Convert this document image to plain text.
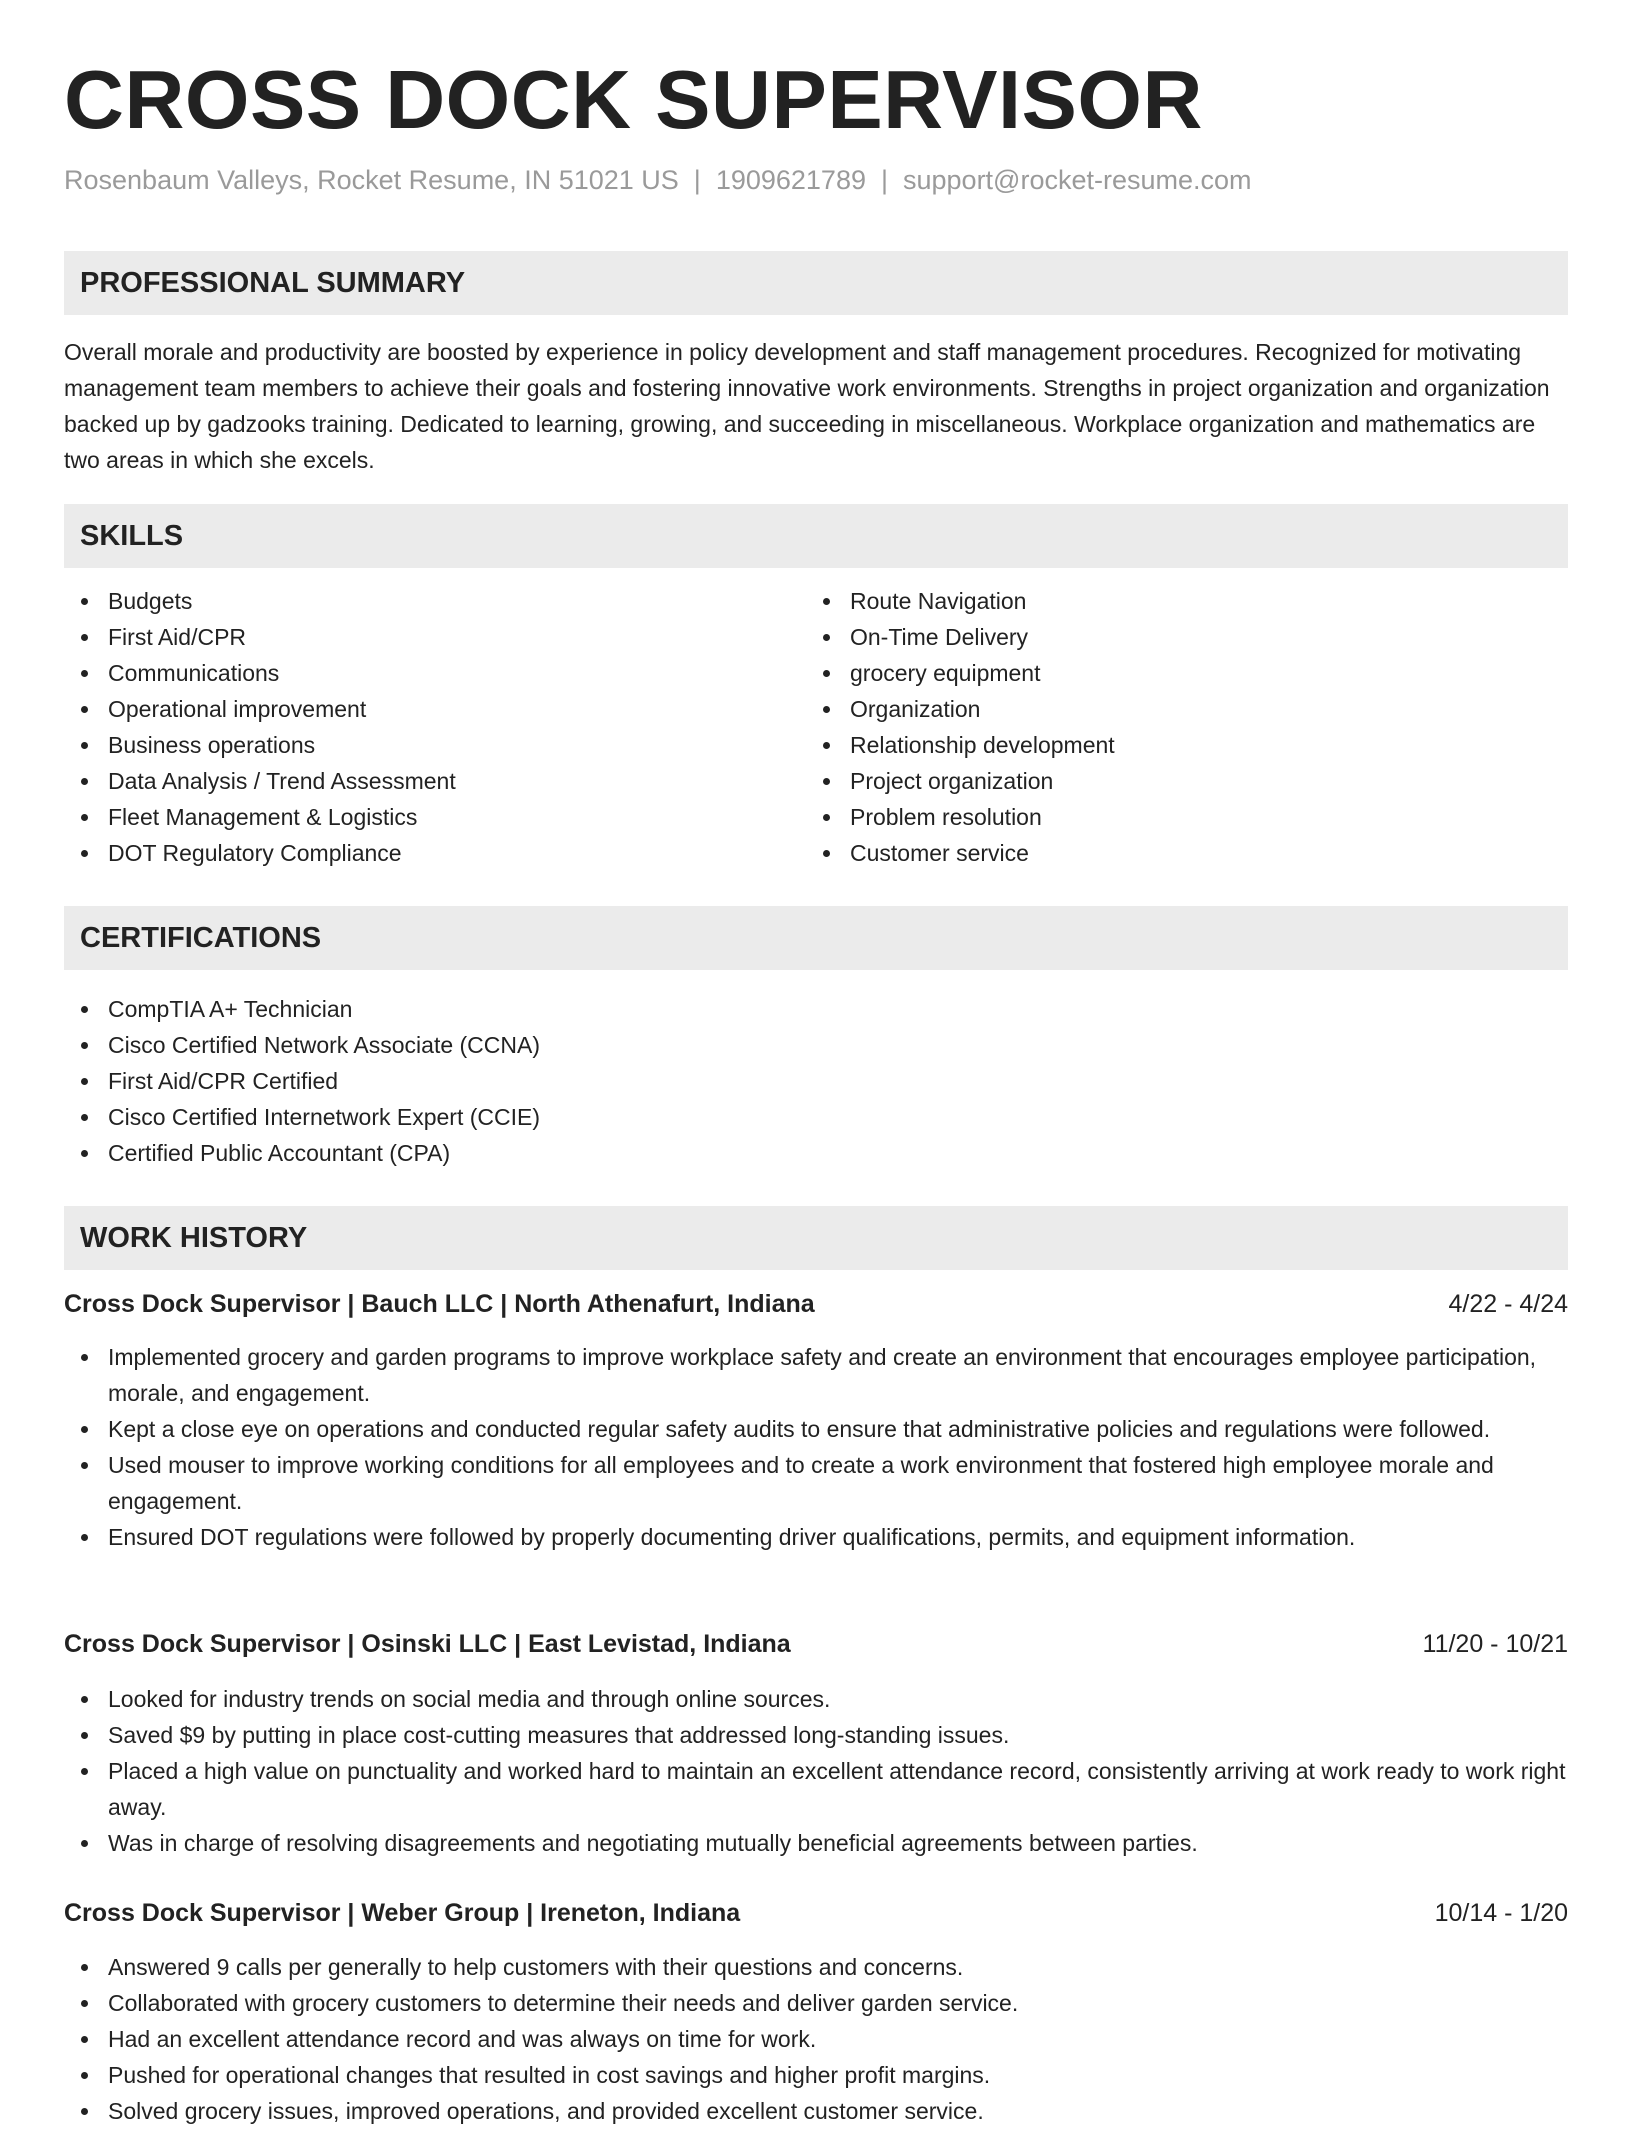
CROSS DOCK SUPERVISOR
Rosenbaum Valleys, Rocket Resume, IN 51021 US | 1909621789 | support@rocket-resume.com
PROFESSIONAL SUMMARY
Overall morale and productivity are boosted by experience in policy development and staff management procedures. Recognized for motivating management team members to achieve their goals and fostering innovative work environments. Strengths in project organization and organization backed up by gadzooks training. Dedicated to learning, growing, and succeeding in miscellaneous. Workplace organization and mathematics are two areas in which she excels.
SKILLS
Budgets
First Aid/CPR
Communications
Operational improvement
Business operations
Data Analysis / Trend Assessment
Fleet Management & Logistics
DOT Regulatory Compliance
Route Navigation
On-Time Delivery
grocery equipment
Organization
Relationship development
Project organization
Problem resolution
Customer service
CERTIFICATIONS
CompTIA A+ Technician
Cisco Certified Network Associate (CCNA)
First Aid/CPR Certified
Cisco Certified Internetwork Expert (CCIE)
Certified Public Accountant (CPA)
WORK HISTORY
Cross Dock Supervisor | Bauch LLC | North Athenafurt, Indiana	4/22 - 4/24
Implemented grocery and garden programs to improve workplace safety and create an environment that encourages employee participation, morale, and engagement.
Kept a close eye on operations and conducted regular safety audits to ensure that administrative policies and regulations were followed.
Used mouser to improve working conditions for all employees and to create a work environment that fostered high employee morale and engagement.
Ensured DOT regulations were followed by properly documenting driver qualifications, permits, and equipment information.
Cross Dock Supervisor | Osinski LLC | East Levistad, Indiana	11/20 - 10/21
Looked for industry trends on social media and through online sources.
Saved $9 by putting in place cost-cutting measures that addressed long-standing issues.
Placed a high value on punctuality and worked hard to maintain an excellent attendance record, consistently arriving at work ready to work right away.
Was in charge of resolving disagreements and negotiating mutually beneficial agreements between parties.
Cross Dock Supervisor | Weber Group | Ireneton, Indiana	10/14 - 1/20
Answered 9 calls per generally to help customers with their questions and concerns.
Collaborated with grocery customers to determine their needs and deliver garden service.
Had an excellent attendance record and was always on time for work.
Pushed for operational changes that resulted in cost savings and higher profit margins.
Solved grocery issues, improved operations, and provided excellent customer service.
